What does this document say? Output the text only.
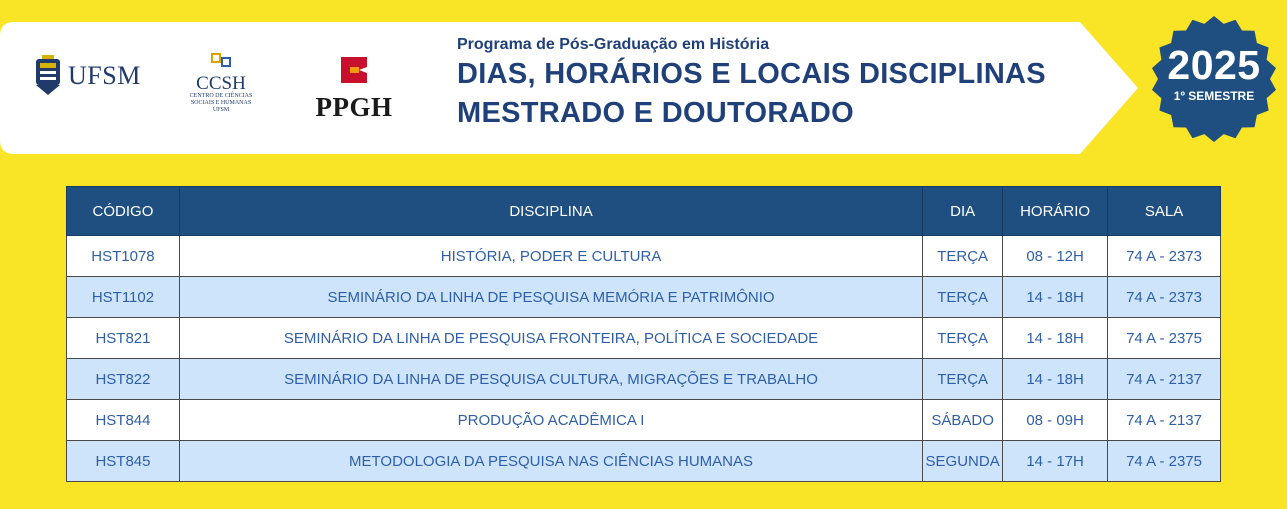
UFSM	CCSH
CENTRO DE CIÊNCIAS
SOCIAIS E HUMANAS
UFSM	PPGH
Programa de Pós-Graduação em História
DIAS, HORÁRIOS E LOCAIS DISCIPLINAS
MESTRADO E DOUTORADO
2025
1º SEMESTRE
CÓDIGO	DISCIPLINA	DIA	HORÁRIO	SALA
HST1078	HISTÓRIA, PODER E CULTURA	TERÇA	08 - 12H	74 A - 2373
HST1102	SEMINÁRIO DA LINHA DE PESQUISA MEMÓRIA E PATRIMÔNIO	TERÇA	14 - 18H	74 A - 2373
HST821	SEMINÁRIO DA LINHA DE PESQUISA FRONTEIRA, POLÍTICA E SOCIEDADE	TERÇA	14 - 18H	74 A - 2375
HST822	SEMINÁRIO DA LINHA DE PESQUISA CULTURA, MIGRAÇÕES E TRABALHO	TERÇA	14 - 18H	74 A - 2137
HST844	PRODUÇÃO ACADÊMICA I	SÁBADO	08 - 09H	74 A - 2137
HST845	METODOLOGIA DA PESQUISA NAS CIÊNCIAS HUMANAS	SEGUNDA	14 - 17H	74 A - 2375
